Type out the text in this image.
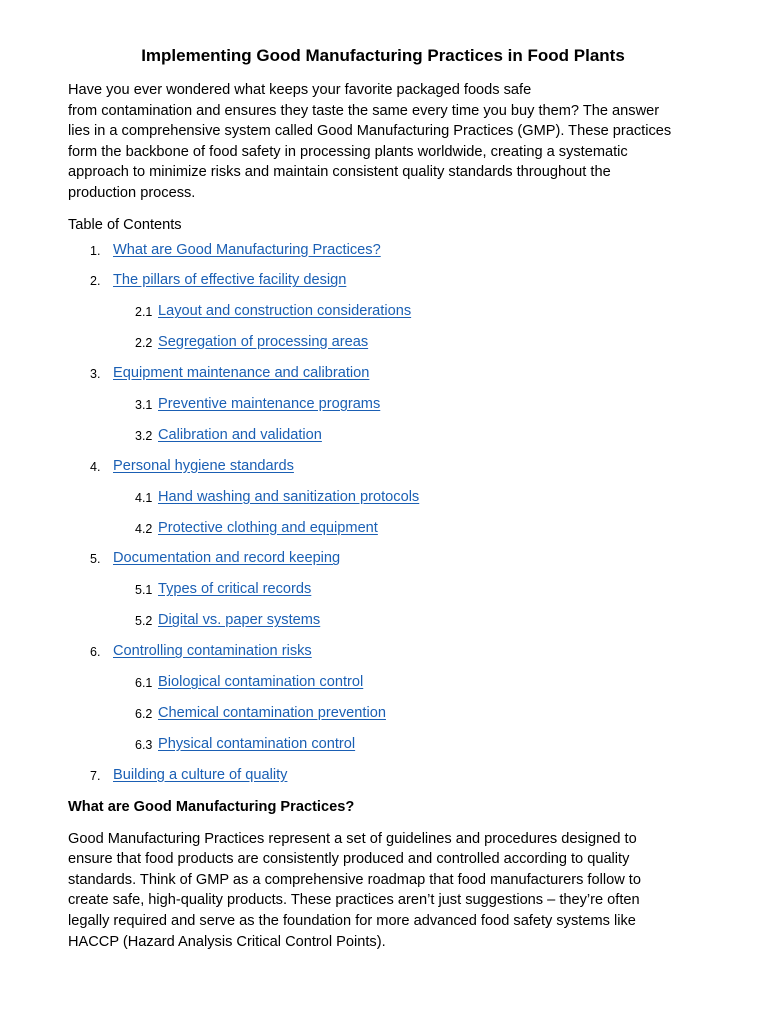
Implementing Good Manufacturing Practices in Food Plants

Have you ever wondered what keeps your favorite packaged foods safe
from contamination and ensures they taste the same every time you buy them? The answer
lies in a comprehensive system called Good Manufacturing Practices (GMP). These practices
form the backbone of food safety in processing plants worldwide, creating a systematic
approach to minimize risks and maintain consistent quality standards throughout the
production process.

Table of Contents
1. What are Good Manufacturing Practices?
2. The pillars of effective facility design
2.1 Layout and construction considerations
2.2 Segregation of processing areas
3. Equipment maintenance and calibration
3.1 Preventive maintenance programs
3.2 Calibration and validation
4. Personal hygiene standards
4.1 Hand washing and sanitization protocols
4.2 Protective clothing and equipment
5. Documentation and record keeping
5.1 Types of critical records
5.2 Digital vs. paper systems
6. Controlling contamination risks
6.1 Biological contamination control
6.2 Chemical contamination prevention
6.3 Physical contamination control
7. Building a culture of quality
What are Good Manufacturing Practices?

Good Manufacturing Practices represent a set of guidelines and procedures designed to
ensure that food products are consistently produced and controlled according to quality
standards. Think of GMP as a comprehensive roadmap that food manufacturers follow to
create safe, high-quality products. These practices aren’t just suggestions – they’re often
legally required and serve as the foundation for more advanced food safety systems like
HACCP (Hazard Analysis Critical Control Points).
